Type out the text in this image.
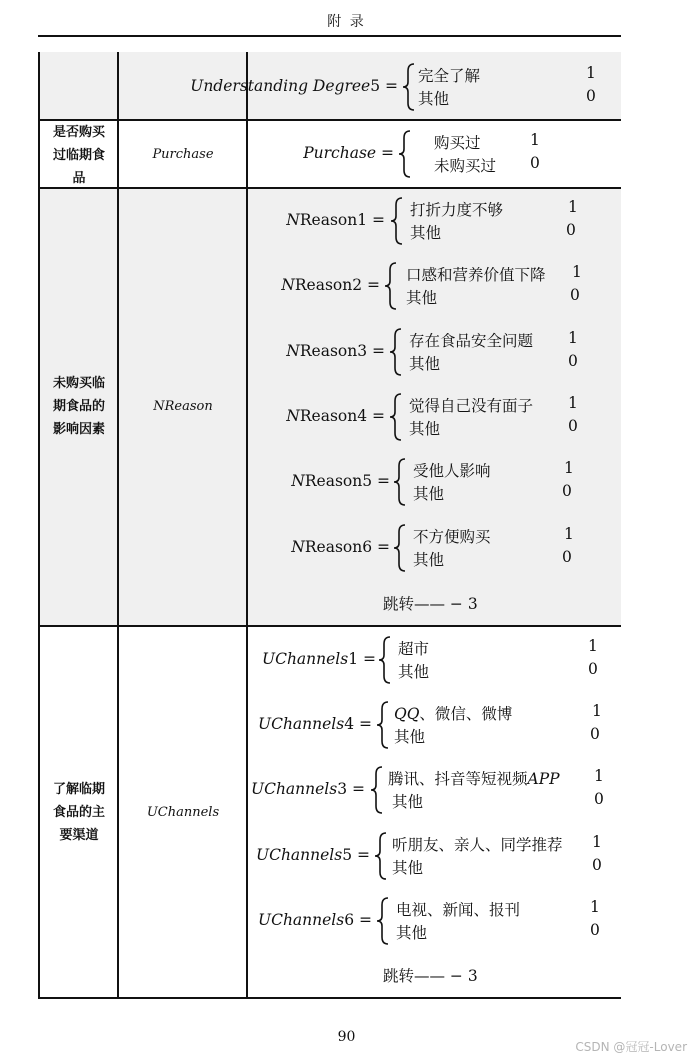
附 录
Understanding Degree5 =
完全了解
其他
1
0
是否购买
过临期食
品
Purchase	Purchase =
购买过
未购买过
1
0
未购买临
期食品的
影响因素
NReason
NReason1 =
打折力度不够
其他
1
0
NReason2 =
口感和营养价值下降
其他
1
0
NReason3 =
存在食品安全问题
其他
1
0
NReason4 =
觉得自己没有面子
其他
1
0
NReason5 =
受他人影响
其他
1
0
NReason6 =
不方便购买
其他
1
0
跳转—— − 3
了解临期
食品的主
要渠道
UChannels
UChannels1 =
超市
其他
1
0
UChannels4 =
QQ、微信、微博
其他
1
0
UChannels3 =
腾讯、抖音等短视频APP
其他
1
0
UChannels5 =
听朋友、亲人、同学推荐
其他
1
0
UChannels6 =
电视、新闻、报刊
其他
1
0
跳转—— − 3
90
CSDN @冠冠-Lover
